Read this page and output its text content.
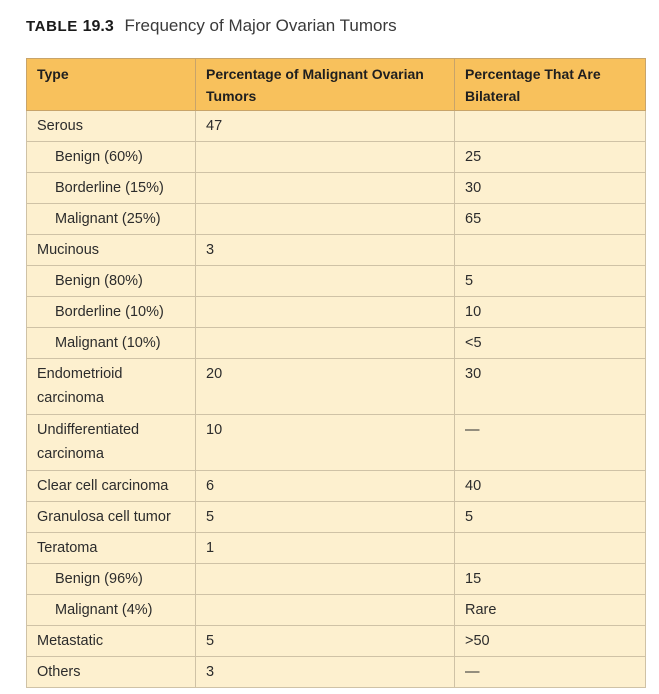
TABLE 19.3 Frequency of Major Ovarian Tumors
Type	Percentage of Malignant Ovarian Tumors	Percentage That Are Bilateral
Serous	47	
Benign (60%)		25
Borderline (15%)		30
Malignant (25%)		65
Mucinous	3	
Benign (80%)		5
Borderline (10%)		10
Malignant (10%)		<5
Endometrioid carcinoma	20	30
Undifferentiated carcinoma	10	—
Clear cell carcinoma	6	40
Granulosa cell tumor	5	5
Teratoma	1	
Benign (96%)		15
Malignant (4%)		Rare
Metastatic	5	>50
Others	3	—
